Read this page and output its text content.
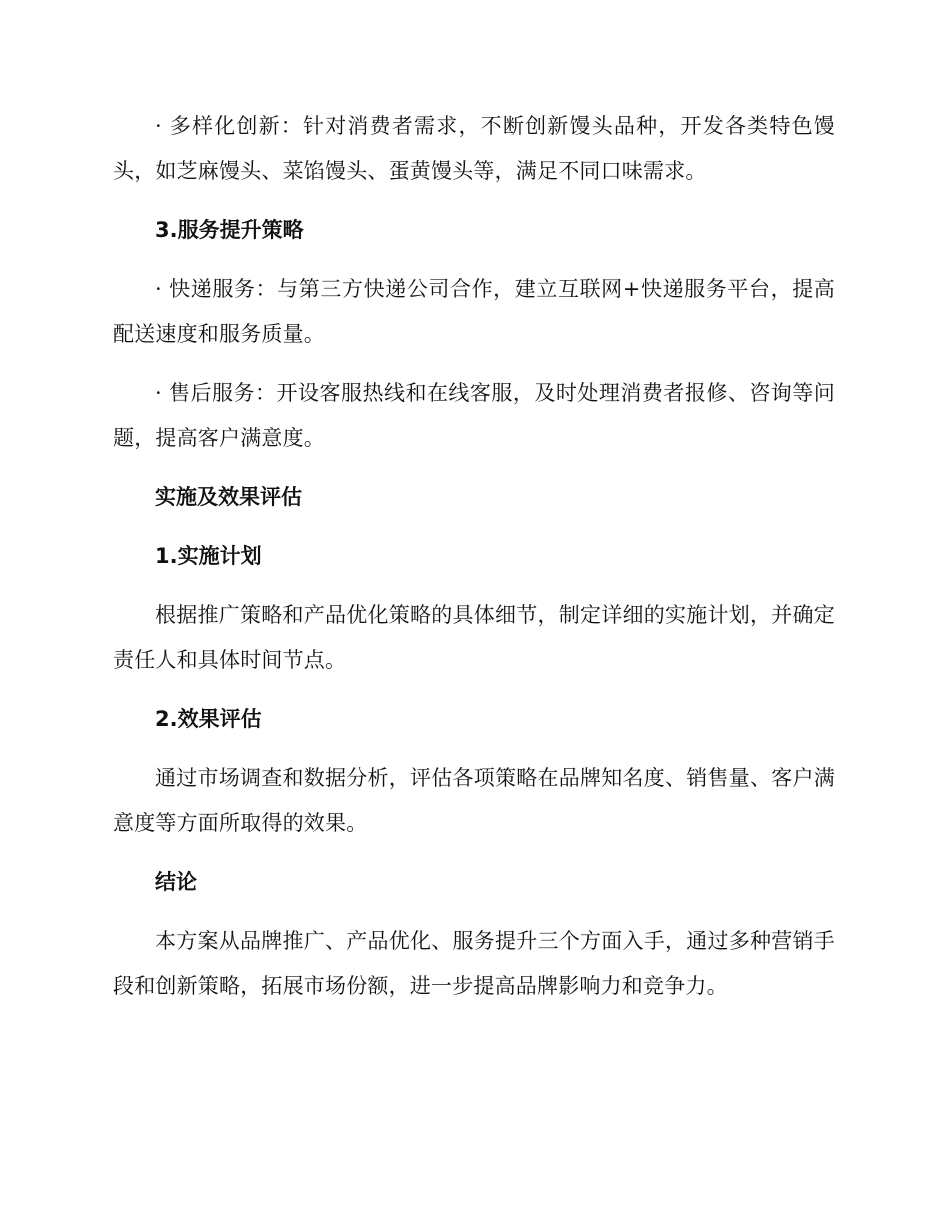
· 多样化创新：针对消费者需求，不断创新馒头品种，开发各类特色馒头，如芝麻馒头、菜馅馒头、蛋黄馒头等，满足不同口味需求。

3.服务提升策略

· 快递服务：与第三方快递公司合作，建立互联网+快递服务平台，提高配送速度和服务质量。

· 售后服务：开设客服热线和在线客服，及时处理消费者报修、咨询等问题，提高客户满意度。

实施及效果评估

1.实施计划

根据推广策略和产品优化策略的具体细节，制定详细的实施计划，并确定责任人和具体时间节点。

2.效果评估

通过市场调查和数据分析，评估各项策略在品牌知名度、销售量、客户满意度等方面所取得的效果。

结论

本方案从品牌推广、产品优化、服务提升三个方面入手，通过多种营销手段和创新策略，拓展市场份额，进一步提高品牌影响力和竞争力。
